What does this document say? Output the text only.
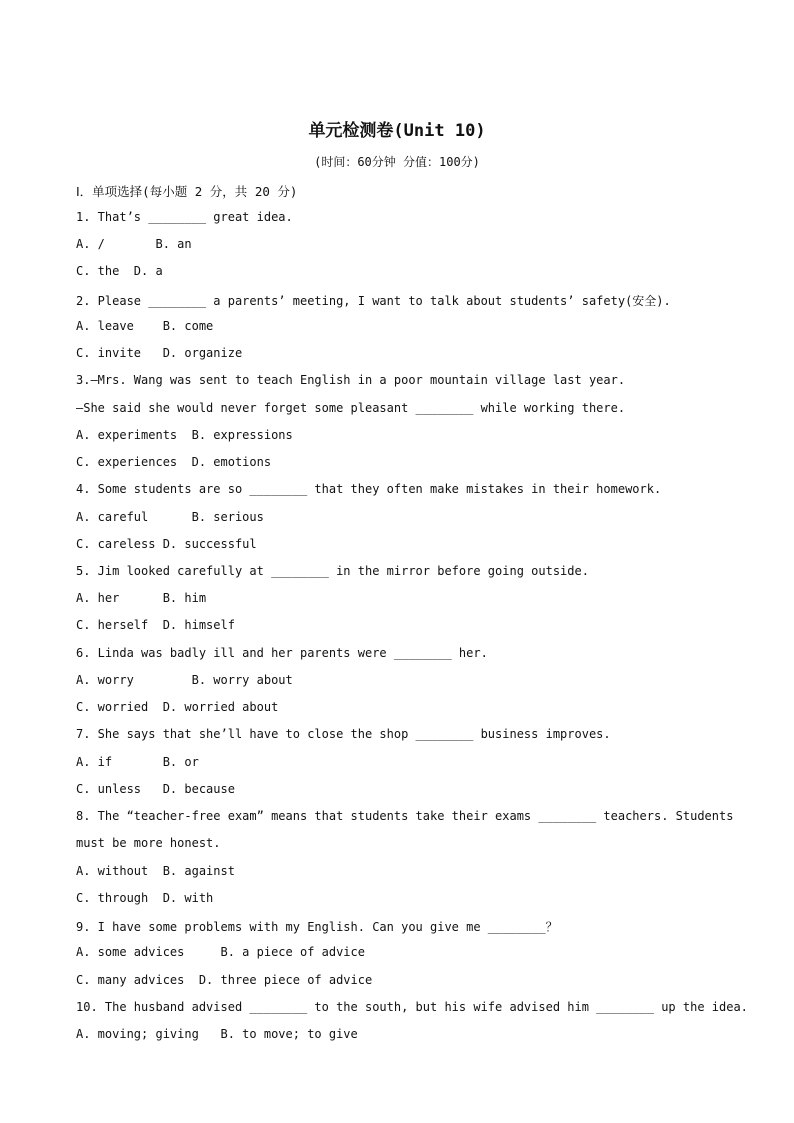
单元检测卷(Unit 10)
(时间：60分钟 分值：100分)
Ⅰ．单项选择(每小题 2 分，共 20 分)
1. That’s ________ great idea.
A. /       B. an
C. the  D. a
2. Please ________ a parents’ meeting, I want to talk about students’ safety(安全).
A. leave    B. come
C. invite   D. organize
3.—Mrs. Wang was sent to teach English in a poor mountain village last year.
—She said she would never forget some pleasant ________ while working there.
A. experiments  B. expressions
C. experiences  D. emotions
4. Some students are so ________ that they often make mistakes in their homework.
A. careful      B. serious
C. careless D. successful
5. Jim looked carefully at ________ in the mirror before going outside.
A. her      B. him
C. herself  D. himself
6. Linda was badly ill and her parents were ________ her.
A. worry        B. worry about
C. worried  D. worried about
7. She says that she’ll have to close the shop ________ business improves.
A. if       B. or
C. unless   D. because
8. The “teacher-free exam” means that students take their exams ________ teachers. Students
must be more honest.
A. without  B. against
C. through  D. with
9. I have some problems with my English. Can you give me ________？
A. some advices     B. a piece of advice
C. many advices  D. three piece of advice
10. The husband advised ________ to the south, but his wife advised him ________ up the idea.
A. moving; giving   B. to move; to give
